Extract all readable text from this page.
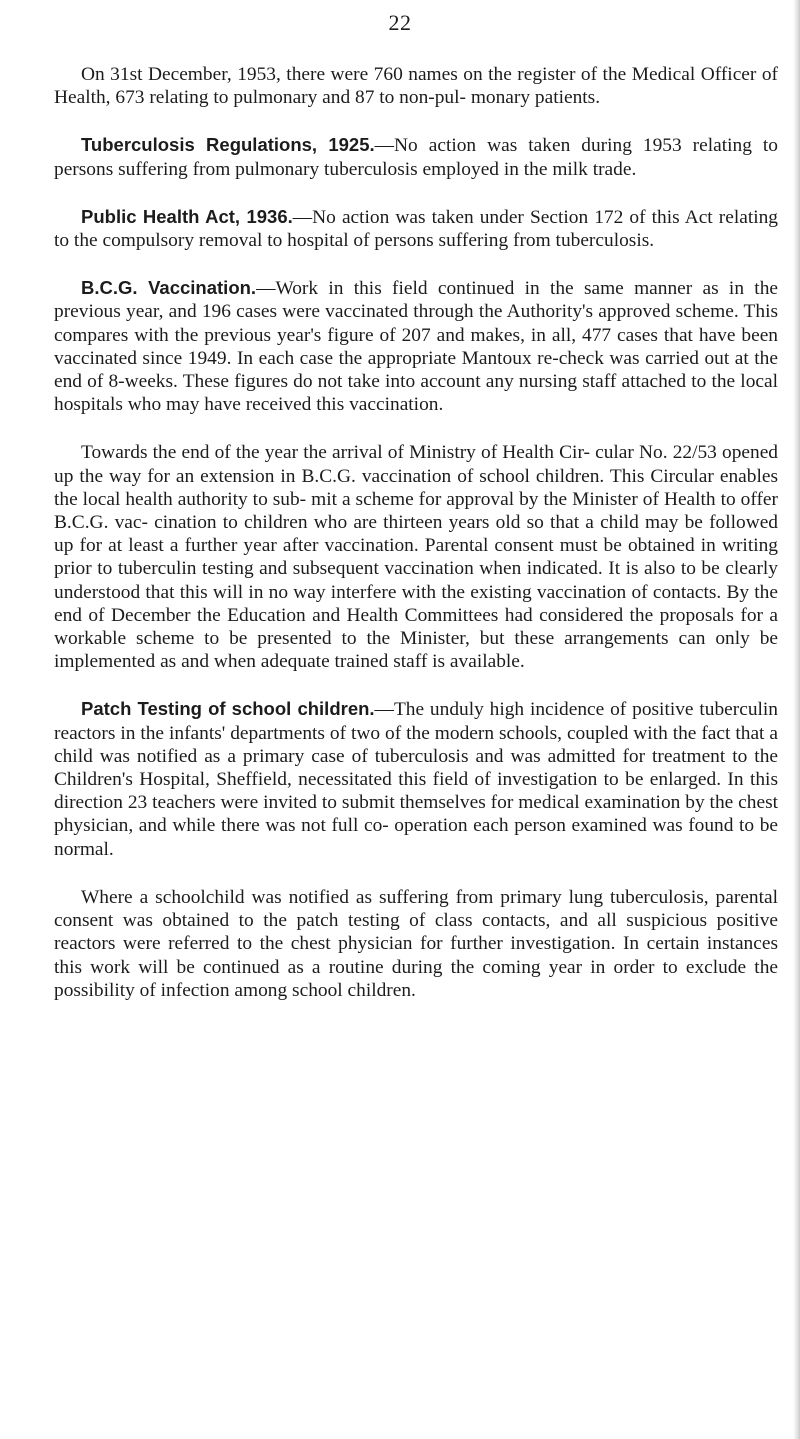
22

On 31st December, 1953, there were 760 names on the register of the Medical Officer of Health, 673 relating to pulmonary and 87 to non-pul- monary patients.

Tuberculosis Regulations, 1925.—No action was taken during 1953 relating to persons suffering from pulmonary tuberculosis employed in the milk trade.

Public Health Act, 1936.—No action was taken under Section 172 of this Act relating to the compulsory removal to hospital of persons suffering from tuberculosis.

B.C.G. Vaccination.—Work in this field continued in the same manner as in the previous year, and 196 cases were vaccinated through the Authority's approved scheme. This compares with the previous year's figure of 207 and makes, in all, 477 cases that have been vaccinated since 1949. In each case the appropriate Mantoux re-check was carried out at the end of 8-weeks. These figures do not take into account any nursing staff attached to the local hospitals who may have received this vaccination.

Towards the end of the year the arrival of Ministry of Health Cir- cular No. 22/53 opened up the way for an extension in B.C.G. vaccination of school children. This Circular enables the local health authority to sub- mit a scheme for approval by the Minister of Health to offer B.C.G. vac- cination to children who are thirteen years old so that a child may be followed up for at least a further year after vaccination. Parental consent must be obtained in writing prior to tuberculin testing and subsequent vaccination when indicated. It is also to be clearly understood that this will in no way interfere with the existing vaccination of contacts. By the end of December the Education and Health Committees had considered the proposals for a workable scheme to be presented to the Minister, but these arrangements can only be implemented as and when adequate trained staff is available.

Patch Testing of school children.—The unduly high incidence of positive tuberculin reactors in the infants' departments of two of the modern schools, coupled with the fact that a child was notified as a primary case of tuberculosis and was admitted for treatment to the Children's Hospital, Sheffield, necessitated this field of investigation to be enlarged. In this direction 23 teachers were invited to submit themselves for medical examination by the chest physician, and while there was not full co- operation each person examined was found to be normal.

Where a schoolchild was notified as suffering from primary lung tuberculosis, parental consent was obtained to the patch testing of class contacts, and all suspicious positive reactors were referred to the chest physician for further investigation. In certain instances this work will be continued as a routine during the coming year in order to exclude the possibility of infection among school children.
